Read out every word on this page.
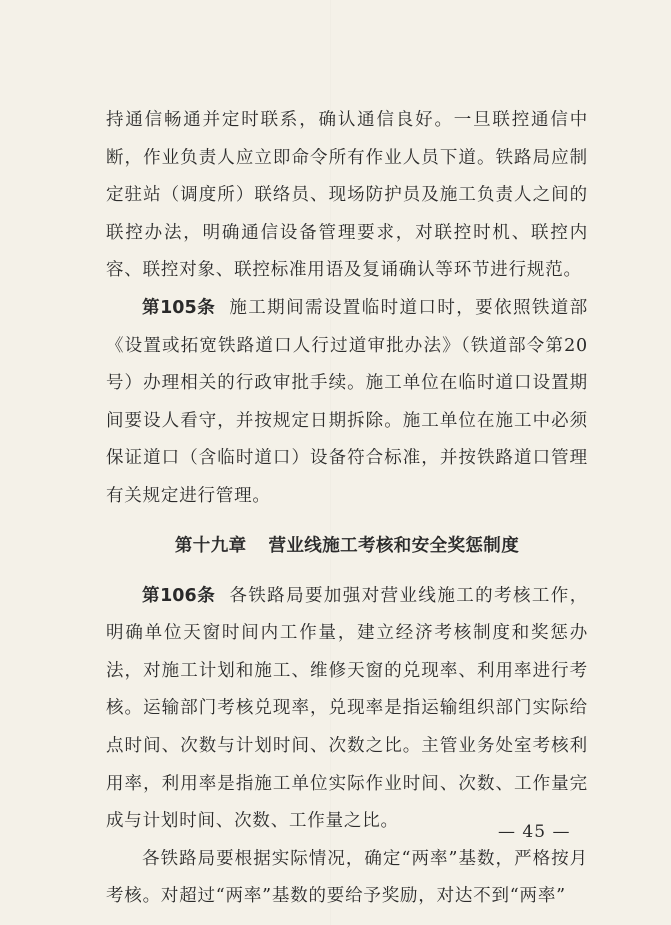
持通信畅通并定时联系，确认通信良好。一旦联控通信中断，作业负责人应立即命令所有作业人员下道。铁路局应制定驻站（调度所）联络员、现场防护员及施工负责人之间的联控办法，明确通信设备管理要求，对联控时机、联控内容、联控对象、联控标准用语及复诵确认等环节进行规范。

第105条 施工期间需设置临时道口时，要依照铁道部《设置或拓宽铁路道口人行过道审批办法》（铁道部令第20号）办理相关的行政审批手续。施工单位在临时道口设置期间要设人看守，并按规定日期拆除。施工单位在施工中必须保证道口（含临时道口）设备符合标准，并按铁路道口管理有关规定进行管理。

第十九章 营业线施工考核和安全奖惩制度

第106条 各铁路局要加强对营业线施工的考核工作，明确单位天窗时间内工作量，建立经济考核制度和奖惩办法，对施工计划和施工、维修天窗的兑现率、利用率进行考核。运输部门考核兑现率，兑现率是指运输组织部门实际给点时间、次数与计划时间、次数之比。主管业务处室考核利用率，利用率是指施工单位实际作业时间、次数、工作量完成与计划时间、次数、工作量之比。

各铁路局要根据实际情况，确定“两率”基数，严格按月考核。对超过“两率”基数的要给予奖励，对达不到“两率”

— 45 —
